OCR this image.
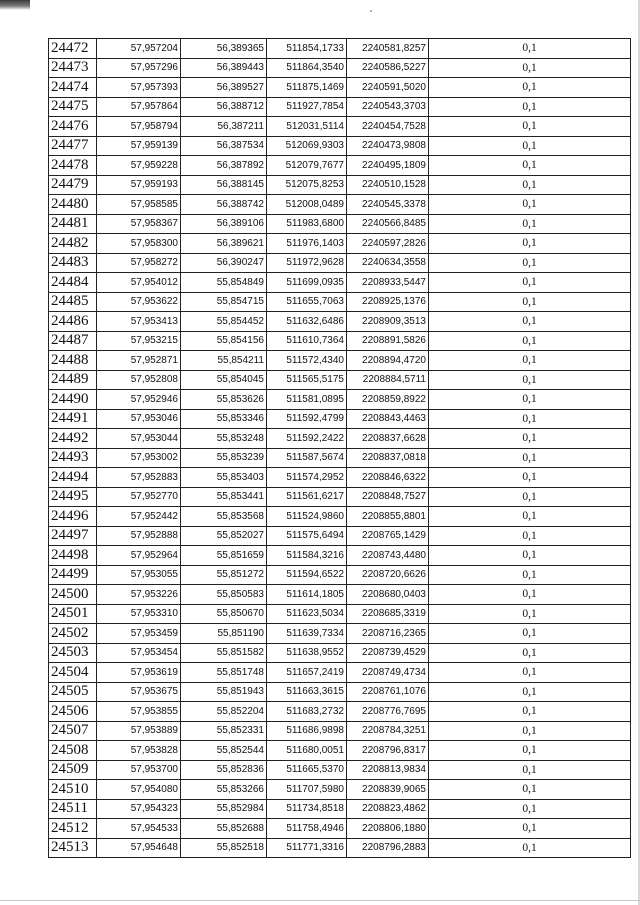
24472	57,957204	56,389365	511854,1733	2240581,8257	0,1
24473	57,957296	56,389443	511864,3540	2240586,5227	0,1
24474	57,957393	56,389527	511875,1469	2240591,5020	0,1
24475	57,957864	56,388712	511927,7854	2240543,3703	0,1
24476	57,958794	56,387211	512031,5114	2240454,7528	0,1
24477	57,959139	56,387534	512069,9303	2240473,9808	0,1
24478	57,959228	56,387892	512079,7677	2240495,1809	0,1
24479	57,959193	56,388145	512075,8253	2240510,1528	0,1
24480	57,958585	56,388742	512008,0489	2240545,3378	0,1
24481	57,958367	56,389106	511983,6800	2240566,8485	0,1
24482	57,958300	56,389621	511976,1403	2240597,2826	0,1
24483	57,958272	56,390247	511972,9628	2240634,3558	0,1
24484	57,954012	55,854849	511699,0935	2208933,5447	0,1
24485	57,953622	55,854715	511655,7063	2208925,1376	0,1
24486	57,953413	55,854452	511632,6486	2208909,3513	0,1
24487	57,953215	55,854156	511610,7364	2208891,5826	0,1
24488	57,952871	55,854211	511572,4340	2208894,4720	0,1
24489	57,952808	55,854045	511565,5175	2208884,5711	0,1
24490	57,952946	55,853626	511581,0895	2208859,8922	0,1
24491	57,953046	55,853346	511592,4799	2208843,4463	0,1
24492	57,953044	55,853248	511592,2422	2208837,6628	0,1
24493	57,953002	55,853239	511587,5674	2208837,0818	0,1
24494	57,952883	55,853403	511574,2952	2208846,6322	0,1
24495	57,952770	55,853441	511561,6217	2208848,7527	0,1
24496	57,952442	55,853568	511524,9860	2208855,8801	0,1
24497	57,952888	55,852027	511575,6494	2208765,1429	0,1
24498	57,952964	55,851659	511584,3216	2208743,4480	0,1
24499	57,953055	55,851272	511594,6522	2208720,6626	0,1
24500	57,953226	55,850583	511614,1805	2208680,0403	0,1
24501	57,953310	55,850670	511623,5034	2208685,3319	0,1
24502	57,953459	55,851190	511639,7334	2208716,2365	0,1
24503	57,953454	55,851582	511638,9552	2208739,4529	0,1
24504	57,953619	55,851748	511657,2419	2208749,4734	0,1
24505	57,953675	55,851943	511663,3615	2208761,1076	0,1
24506	57,953855	55,852204	511683,2732	2208776,7695	0,1
24507	57,953889	55,852331	511686,9898	2208784,3251	0,1
24508	57,953828	55,852544	511680,0051	2208796,8317	0,1
24509	57,953700	55,852836	511665,5370	2208813,9834	0,1
24510	57,954080	55,853266	511707,5980	2208839,9065	0,1
24511	57,954323	55,852984	511734,8518	2208823,4862	0,1
24512	57,954533	55,852688	511758,4946	2208806,1880	0,1
24513	57,954648	55,852518	511771,3316	2208796,2883	0,1
